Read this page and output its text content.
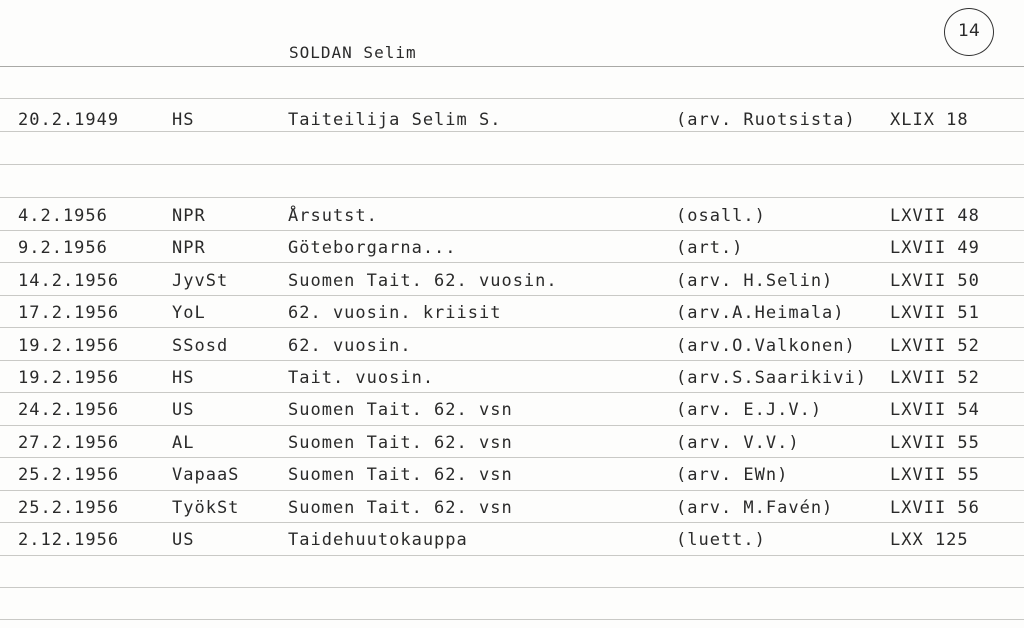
14
SOLDAN Selim
20.2.1949	HS	Taiteilija Selim S.	(arv. Ruotsista) XLIX 18
4.2.1956	NPR	Årsutst.	(osall.)	LXVII 48
9.2.1956	NPR	Göteborgarna...	(art.)	LXVII 49
14.2.1956	JyvSt	Suomen Tait. 62. vuosin.	(arv. H.Selin)	LXVII 50
17.2.1956	YoL	62. vuosin. kriisit	(arv.A.Heimala)	LXVII 51
19.2.1956	SSosd	62. vuosin.	(arv.O.Valkonen) LXVII 52
19.2.1956	HS	Tait. vuosin.	(arv.S.Saarikivi) LXVII 52
24.2.1956	US	Suomen Tait. 62. vsn	(arv. E.J.V.)	LXVII 54
27.2.1956	AL	Suomen Tait. 62. vsn	(arv. V.V.)	LXVII 55
25.2.1956	VapaaS	Suomen Tait. 62. vsn	(arv. EWn)	LXVII 55
25.2.1956	TyökSt	Suomen Tait. 62. vsn	(arv. M.Favén)	LXVII 56
2.12.1956	US	Taidehuutokauppa	(luett.)	LXX 125
